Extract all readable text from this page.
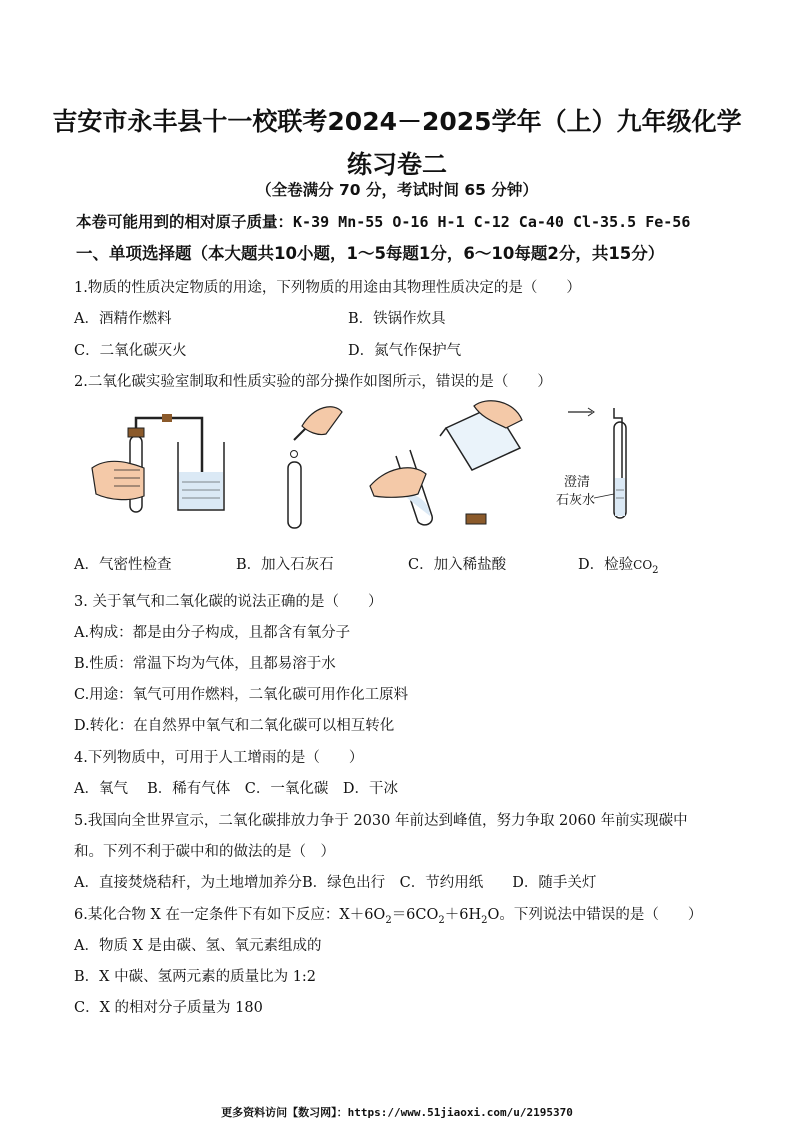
吉安市永丰县十一校联考2024－2025学年（上）九年级化学
练习卷二
（全卷满分 70 分，考试时间 65 分钟）
本卷可能用到的相对原子质量：K-39 Mn-55 O-16 H-1 C-12 Ca-40 Cl-35.5 Fe-56
一、单项选择题（本大题共10小题，1～5每题1分，6～10每题2分，共15分）
1.物质的性质决定物质的用途，下列物质的用途由其物理性质决定的是（　　）
A．酒精作燃料	B．铁锅作炊具
C．二氧化碳灭火	D．氮气作保护气
2.二氧化碳实验室制取和性质实验的部分操作如图所示，错误的是（　　）
澄清
石灰水
A．气密性检查	B．加入石灰石	C．加入稀盐酸	D．检验$CO_2$
3. 关于氧气和二氧化碳的说法正确的是（　　）
A.构成：都是由分子构成，且都含有氧分子
B.性质：常温下均为气体，且都易溶于水
C.用途：氧气可用作燃料，二氧化碳可用作化工原料
D.转化：在自然界中氧气和二氧化碳可以相互转化
4.下列物质中，可用于人工增雨的是（　　）
A．氧气　 B．稀有气体　C．一氧化碳　D．干冰
5.我国向全世界宣示，二氧化碳排放力争于 2030 年前达到峰值，努力争取 2060 年前实现碳中
和。下列不利于碳中和的做法的是（　）
A．直接焚烧秸秆，为土地增加养分B．绿色出行　C．节约用纸　　D．随手关灯
6.某化合物 X 在一定条件下有如下反应：$X+6O_2=6CO_2+6H_2O$。下列说法中错误的是（　　）
A．物质 X 是由碳、氢、氧元素组成的
B．X 中碳、氢两元素的质量比为 1:2
C．X 的相对分子质量为 180
更多资料访问【数习网】：https://www.51jiaoxi.com/u/2195370
